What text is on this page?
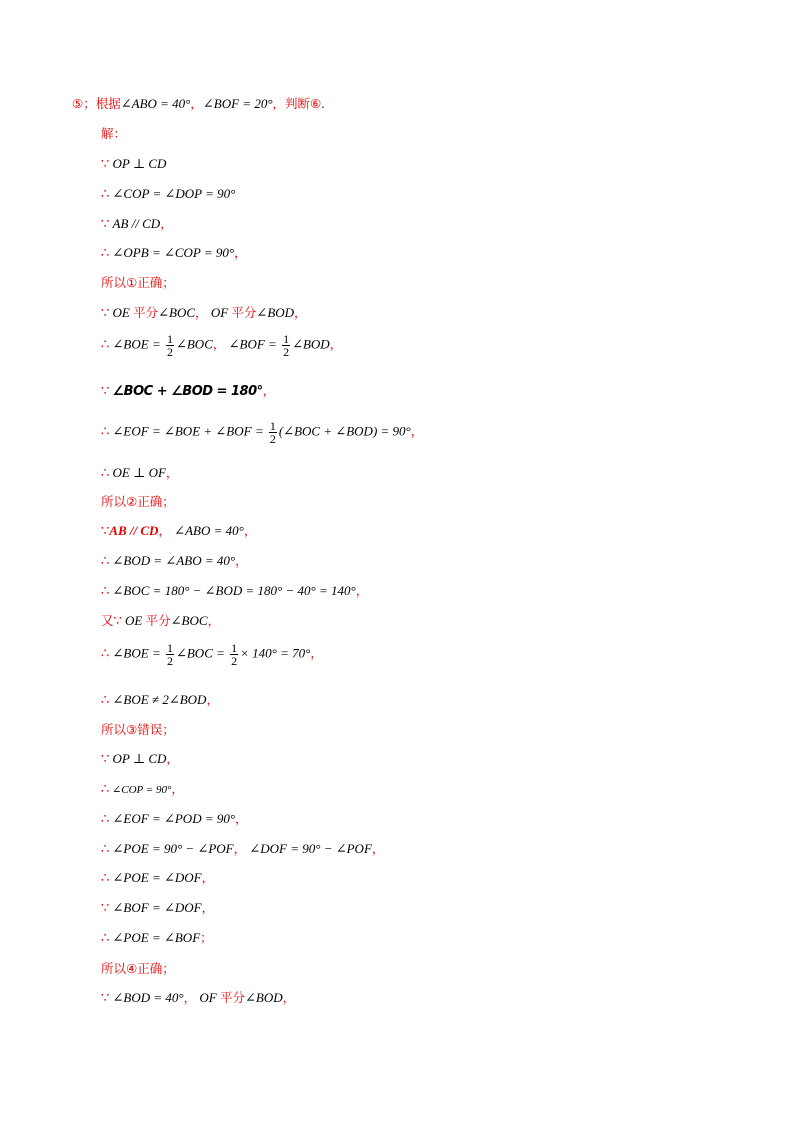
⑤；根据∠ABO = 40°，∠BOF = 20°，判断⑥.
解：
∵ OP ⊥ CD
∴ ∠COP = ∠DOP = 90°
∵ AB // CD，
∴ ∠OPB = ∠COP = 90°，
所以①正确；
∵ OE 平分∠BOC， OF 平分∠BOD，
∴ ∠BOE = $\frac{1}{2}$ ∠BOC， ∠BOF = $\frac{1}{2}$ ∠BOD，
∵ ∠BOC + ∠BOD = 180°，
∴ ∠EOF = ∠BOE + ∠BOF = $\frac{1}{2}$ (∠BOC + ∠BOD) = 90°，
∴ OE ⊥ OF，
所以②正确；
∵AB // CD， ∠ABO = 40°，
∴ ∠BOD = ∠ABO = 40°，
∴ ∠BOC = 180° − ∠BOD = 180° − 40° = 140°，
又∵ OE 平分∠BOC，
∴ ∠BOE = $\frac{1}{2}$ ∠BOC = $\frac{1}{2} \times 140^\circ = 70^\circ$，
∴ ∠BOE ≠ 2∠BOD，
所以③错误；
∵ OP ⊥ CD，
∴ ∠COP = 90°，
∴ ∠EOF = ∠POD = 90°，
∴ ∠POE = 90° − ∠POF， ∠DOF = 90° − ∠POF，
∴ ∠POE = ∠DOF，
∵ ∠BOF = ∠DOF，
∴ ∠POE = ∠BOF；
所以④正确；
∵ ∠BOD = 40°， OF 平分∠BOD，
